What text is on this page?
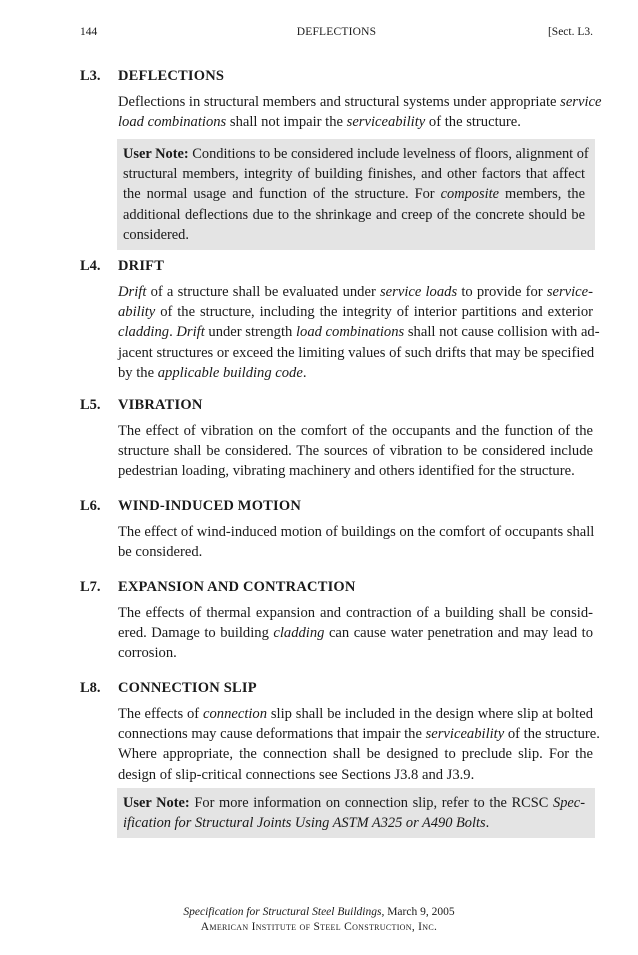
144	DEFLECTIONS	[Sect. L3.
L3. DEFLECTIONS
Deflections in structural members and structural systems under appropriate service
load combinations shall not impair the serviceability of the structure.
User Note: Conditions to be considered include levelness of floors, alignment of
structural members, integrity of building finishes, and other factors that affect
the normal usage and function of the structure. For composite members, the
additional deflections due to the shrinkage and creep of the concrete should be
considered.
L4. DRIFT
Drift of a structure shall be evaluated under service loads to provide for service-
ability of the structure, including the integrity of interior partitions and exterior
cladding. Drift under strength load combinations shall not cause collision with ad-
jacent structures or exceed the limiting values of such drifts that may be specified
by the applicable building code.
L5. VIBRATION
The effect of vibration on the comfort of the occupants and the function of the
structure shall be considered. The sources of vibration to be considered include
pedestrian loading, vibrating machinery and others identified for the structure.
L6. WIND-INDUCED MOTION
The effect of wind-induced motion of buildings on the comfort of occupants shall
be considered.
L7. EXPANSION AND CONTRACTION
The effects of thermal expansion and contraction of a building shall be consid-
ered. Damage to building cladding can cause water penetration and may lead to
corrosion.
L8. CONNECTION SLIP
The effects of connection slip shall be included in the design where slip at bolted
connections may cause deformations that impair the serviceability of the structure.
Where appropriate, the connection shall be designed to preclude slip. For the
design of slip-critical connections see Sections J3.8 and J3.9.
User Note: For more information on connection slip, refer to the RCSC Spec-
ification for Structural Joints Using ASTM A325 or A490 Bolts.
Specification for Structural Steel Buildings, March 9, 2005
American Institute of Steel Construction, Inc.
